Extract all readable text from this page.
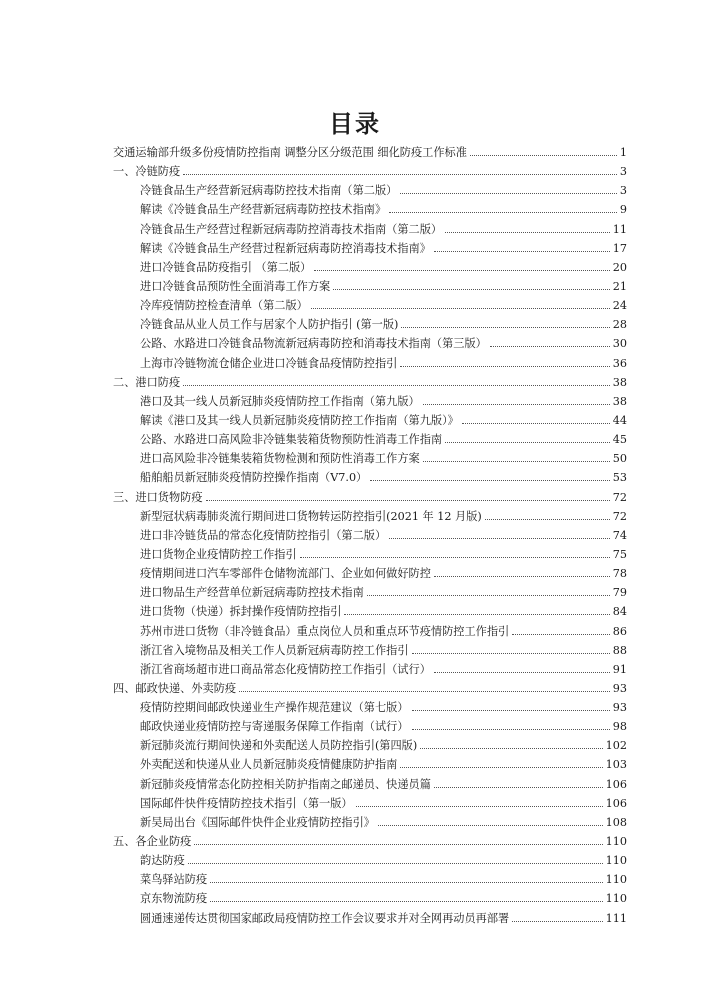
目录
交通运输部升级多份疫情防控指南 调整分区分级范围 细化防疫工作标准	1
一、冷链防疫	3
冷链食品生产经营新冠病毒防控技术指南（第二版）	3
解读《冷链食品生产经营新冠病毒防控技术指南》	9
冷链食品生产经营过程新冠病毒防控消毒技术指南（第二版）	11
解读《冷链食品生产经营过程新冠病毒防控消毒技术指南》	17
进口冷链食品防疫指引 （第二版）	20
进口冷链食品预防性全面消毒工作方案	21
冷库疫情防控检查清单（第二版）	24
冷链食品从业人员工作与居家个人防护指引 (第一版)	28
公路、水路进口冷链食品物流新冠病毒防控和消毒技术指南（第三版）	30
上海市冷链物流仓储企业进口冷链食品疫情防控指引	36
二、港口防疫	38
港口及其一线人员新冠肺炎疫情防控工作指南（第九版）	38
解读《港口及其一线人员新冠肺炎疫情防控工作指南（第九版）》	44
公路、水路进口高风险非冷链集装箱货物预防性消毒工作指南	45
进口高风险非冷链集装箱货物检测和预防性消毒工作方案	50
船舶船员新冠肺炎疫情防控操作指南（V7.0）	53
三、进口货物防疫	72
新型冠状病毒肺炎流行期间进口货物转运防控指引(2021 年 12 月版)	72
进口非冷链货品的常态化疫情防控指引（第二版）	74
进口货物企业疫情防控工作指引	75
疫情期间进口汽车零部件仓储物流部门、企业如何做好防控	78
进口物品生产经营单位新冠病毒防控技术指南	79
进口货物（快递）拆封操作疫情防控指引	84
苏州市进口货物（非冷链食品）重点岗位人员和重点环节疫情防控工作指引	86
浙江省入境物品及相关工作人员新冠病毒防控工作指引	88
浙江省商场超市进口商品常态化疫情防控工作指引（试行）	91
四、邮政快递、外卖防疫	93
疫情防控期间邮政快递业生产操作规范建议（第七版）	93
邮政快递业疫情防控与寄递服务保障工作指南（试行）	98
新冠肺炎流行期间快递和外卖配送人员防控指引(第四版)	102
外卖配送和快递从业人员新冠肺炎疫情健康防护指南	103
新冠肺炎疫情常态化防控相关防护指南之邮递员、快递员篇	106
国际邮件快件疫情防控技术指引（第一版）	106
新吴局出台《国际邮件快件企业疫情防控指引》	108
五、各企业防疫	110
韵达防疫	110
菜鸟驿站防疫	110
京东物流防疫	110
圆通速递传达贯彻国家邮政局疫情防控工作会议要求并对全网再动员再部署	111
